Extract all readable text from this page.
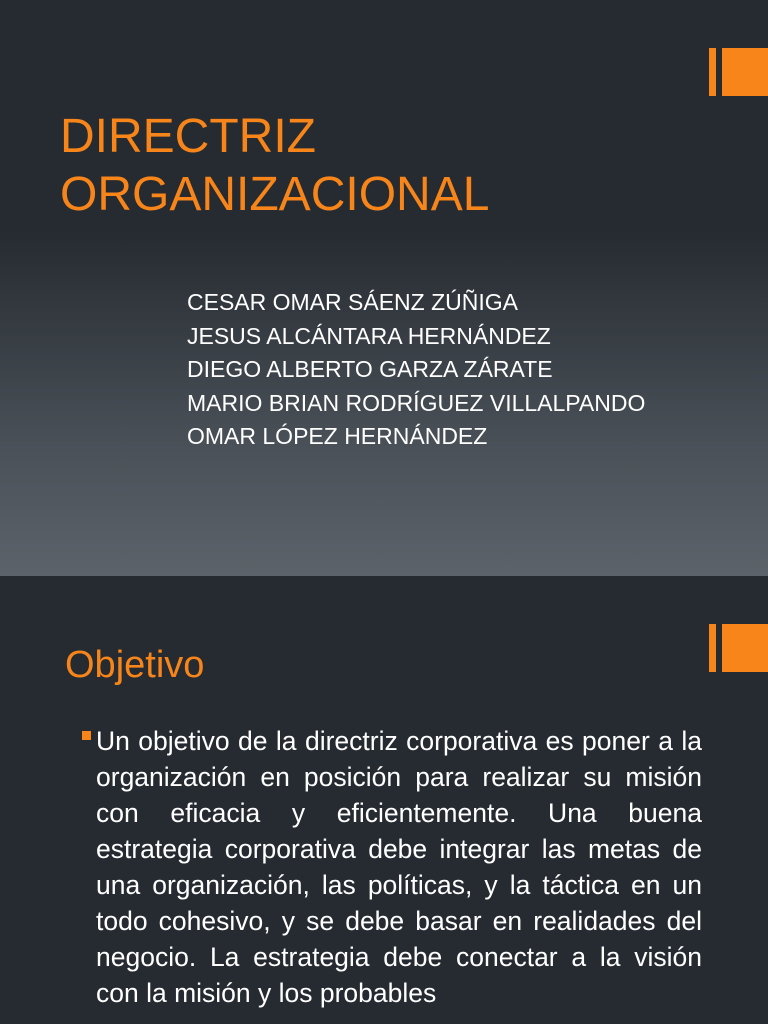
DIRECTRIZ
ORGANIZACIONAL
CESAR OMAR SÁENZ ZÚÑIGA
JESUS ALCÁNTARA HERNÁNDEZ
DIEGO ALBERTO GARZA ZÁRATE
MARIO BRIAN RODRÍGUEZ VILLALPANDO
OMAR LÓPEZ HERNÁNDEZ
Objetivo

Un objetivo de la directriz corporativa es poner a la organización en posición para realizar su misión con eficacia y eficientemente. Una buena estrategia corporativa debe integrar las metas de una organización, las políticas, y la táctica en un todo cohesivo, y se debe basar en realidades del negocio. La estrategia debe conectar a la visión con la misión y los probables
